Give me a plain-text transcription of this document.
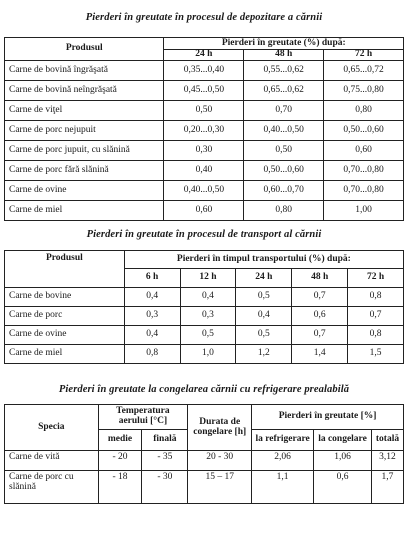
Pierderi în greutate în procesul de depozitare a cărnii
Produsul	Pierderi în greutate (%) după:		
	24 h	48 h	72 h
Carne de bovină îngrăşată	0,35...0,40	0,55...0,62	0,65...0,72
Carne de bovină neîngrăşată	0,45...0,50	0,65...0,62	0,75...0,80
Carne de viţel	0,50	0,70	0,80
Carne de porc nejupuit	0,20...0,30	0,40...0,50	0,50...0,60
Carne de porc jupuit, cu slănină	0,30	0,50	0,60
Carne de porc fără slănină	0,40	0,50...0,60	0,70...0,80
Carne de ovine	0,40...0,50	0,60...0,70	0,70...0,80
Carne de miel	0,60	0,80	1,00
Pierderi în greutate în procesul de transport al cărnii
Produsul	Pierderi în timpul transportului (%) după:				
	6 h	12 h	24 h	48 h	72 h
Carne de bovine	0,4	0,4	0,5	0,7	0,8
Carne de porc	0,3	0,3	0,4	0,6	0,7
Carne de ovine	0,4	0,5	0,5	0,7	0,8
Carne de miel	0,8	1,0	1,2	1,4	1,5
Pierderi în greutate la congelarea cărnii cu refrigerare prealabilă
Specia	Temperatura aerului [°C]		Durata de congelare [h]	Pierderi în greutate [%]		
	medie	finală		la refrigerare	la congelare	totală
Carne de vită	- 20	- 35	20 - 30	2,06	1,06	3,12
Carne de porc cu slănină	- 18	- 30	15 – 17	1,1	0,6	1,7
